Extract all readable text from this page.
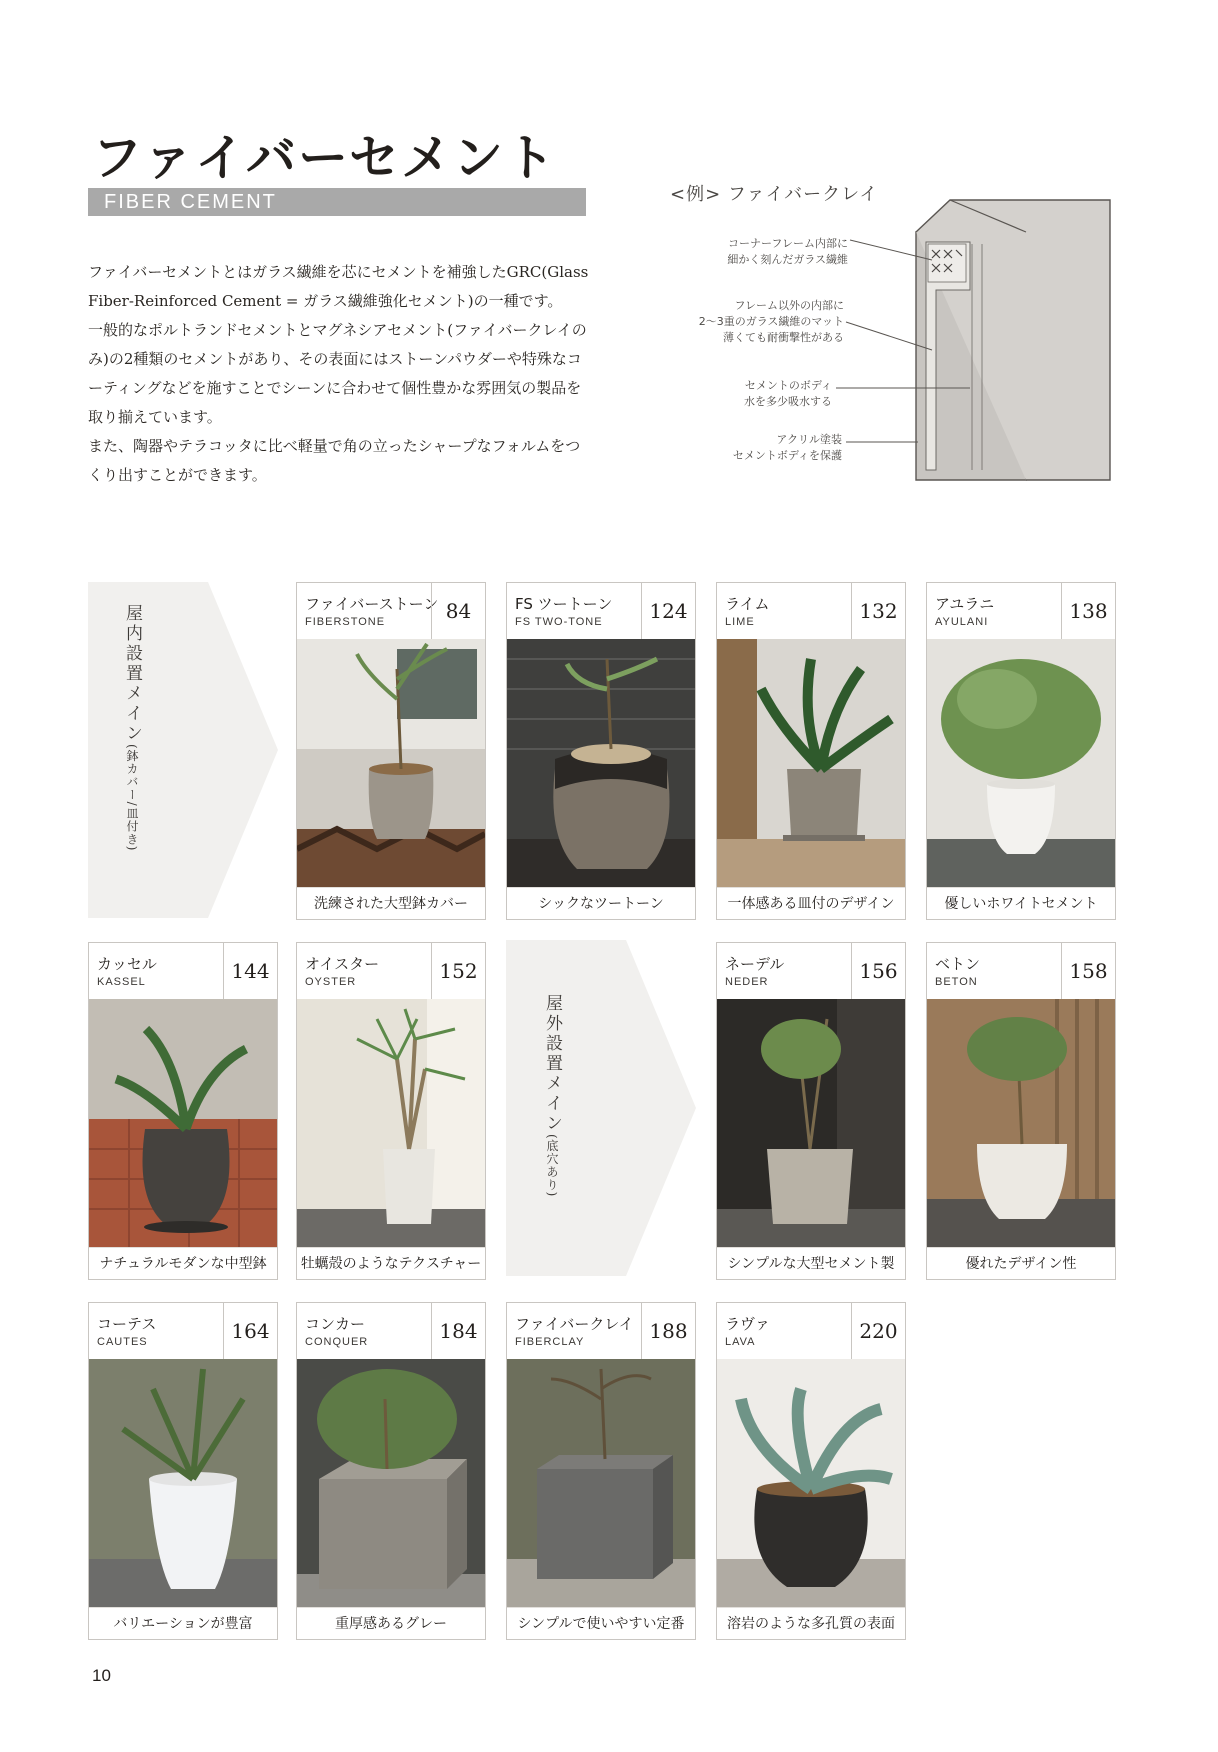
ファイバーセメント
FIBER CEMENT

ファイバーセメントとはガラス繊維を芯にセメントを補強したGRC(Glass Fiber-Reinforced Cement = ガラス繊維強化セメント)の一種です。

一般的なポルトランドセメントとマグネシアセメント(ファイバークレイのみ)の2種類のセメントがあり、その表面にはストーンパウダーや特殊なコーティングなどを施すことでシーンに合わせて個性豊かな雰囲気の製品を取り揃えています。

また、陶器やテラコッタに比べ軽量で角の立ったシャープなフォルムをつくり出すことができます。

<例> ファイバークレイ
コーナーフレーム内部に
細かく刻んだガラス繊維
フレーム以外の内部に
2〜3重のガラス繊維のマット
薄くても耐衝撃性がある
セメントのボディ
水を多少吸水する
アクリル塗装
セメントボディを保護
屋内設置メイン(鉢カバー/皿付き)
屋外設置メイン(底穴あり)
ファイバーストーン
FIBERSTONE	84
洗練された大型鉢カバー
FS ツートーン
FS TWO-TONE	124
シックなツートーン
ライム
LIME	132
一体感ある皿付のデザイン
アユラニ
AYULANI	138
優しいホワイトセメント
カッセル
KASSEL	144
ナチュラルモダンな中型鉢
オイスター
OYSTER	152
牡蠣殻のようなテクスチャー
ネーデル
NEDER	156
シンプルな大型セメント製
ベトン
BETON	158
優れたデザイン性
コーテス
CAUTES	164
バリエーションが豊富
コンカー
CONQUER	184
重厚感あるグレー
ファイバークレイ
FIBERCLAY	188
シンプルで使いやすい定番
ラヴァ
LAVA	220
溶岩のような多孔質の表面
10
